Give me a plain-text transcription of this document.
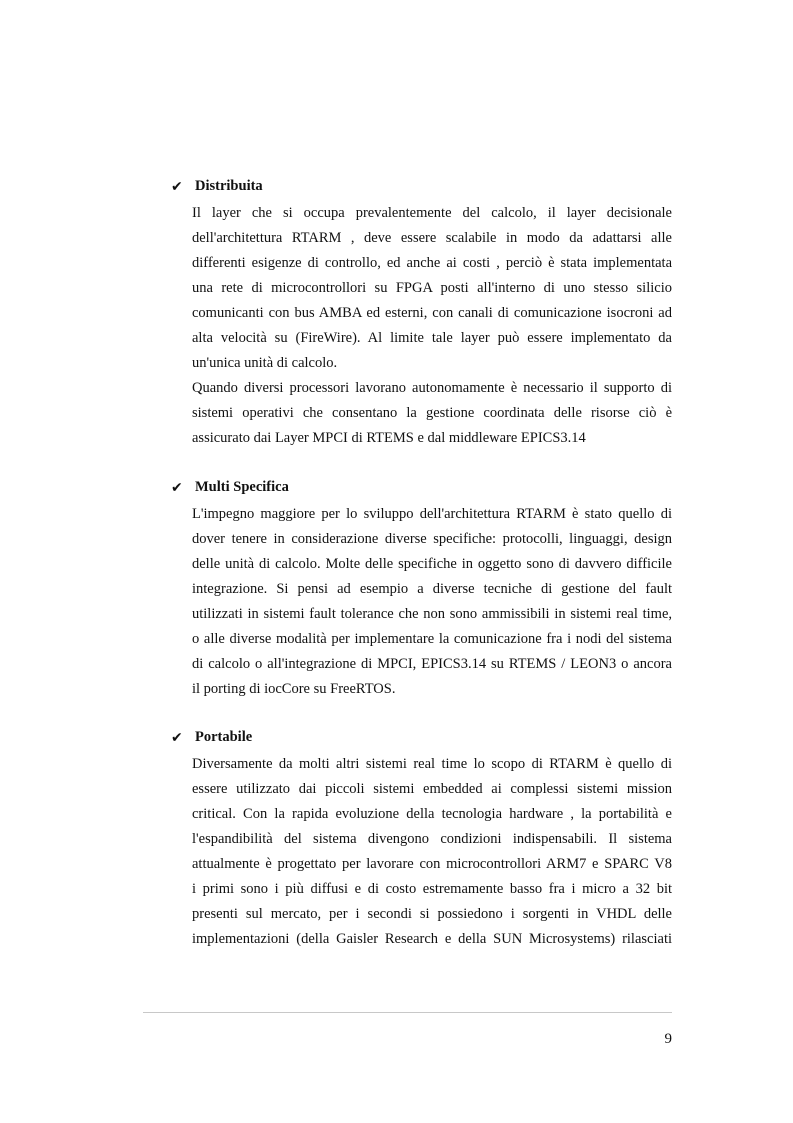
✔ Distribuita
Il layer che si occupa prevalentemente del calcolo, il layer decisionale
dell'architettura RTARM , deve essere scalabile in modo da adattarsi alle
differenti esigenze di controllo, ed anche ai costi , perciò è stata implementata
una rete di microcontrollori su FPGA posti all'interno di uno stesso silicio
comunicanti con bus AMBA ed esterni, con canali di comunicazione isocroni ad
alta velocità su (FireWire). Al limite tale layer può essere implementato da
un'unica unità di calcolo.
Quando diversi processori lavorano autonomamente è necessario il supporto di
sistemi operativi che consentano la gestione coordinata delle risorse ciò è
assicurato dai Layer MPCI di RTEMS e dal middleware EPICS3.14
✔ Multi Specifica
L'impegno maggiore per lo sviluppo dell'architettura RTARM è stato quello di
dover tenere in considerazione diverse specifiche: protocolli, linguaggi, design
delle unità di calcolo. Molte delle specifiche in oggetto sono di davvero difficile
integrazione. Si pensi ad esempio a diverse tecniche di gestione del fault
utilizzati in sistemi fault tolerance che non sono ammissibili in sistemi real time,
o alle diverse modalità per implementare la comunicazione fra i nodi del sistema
di calcolo o all'integrazione di MPCI, EPICS3.14 su RTEMS / LEON3 o ancora
il porting di iocCore su FreeRTOS.
✔ Portabile
Diversamente da molti altri sistemi real time lo scopo di RTARM è quello di
essere utilizzato dai piccoli sistemi embedded ai complessi sistemi mission
critical. Con la rapida evoluzione della tecnologia hardware , la portabilità e
l'espandibilità del sistema divengono condizioni indispensabili. Il sistema
attualmente è progettato per lavorare con microcontrollori ARM7 e SPARC V8
i primi sono i più diffusi e di costo estremamente basso fra i micro a 32 bit
presenti sul mercato, per i secondi si possiedono i sorgenti in VHDL delle
implementazioni (della Gaisler Research e della SUN Microsystems) rilasciati
9
